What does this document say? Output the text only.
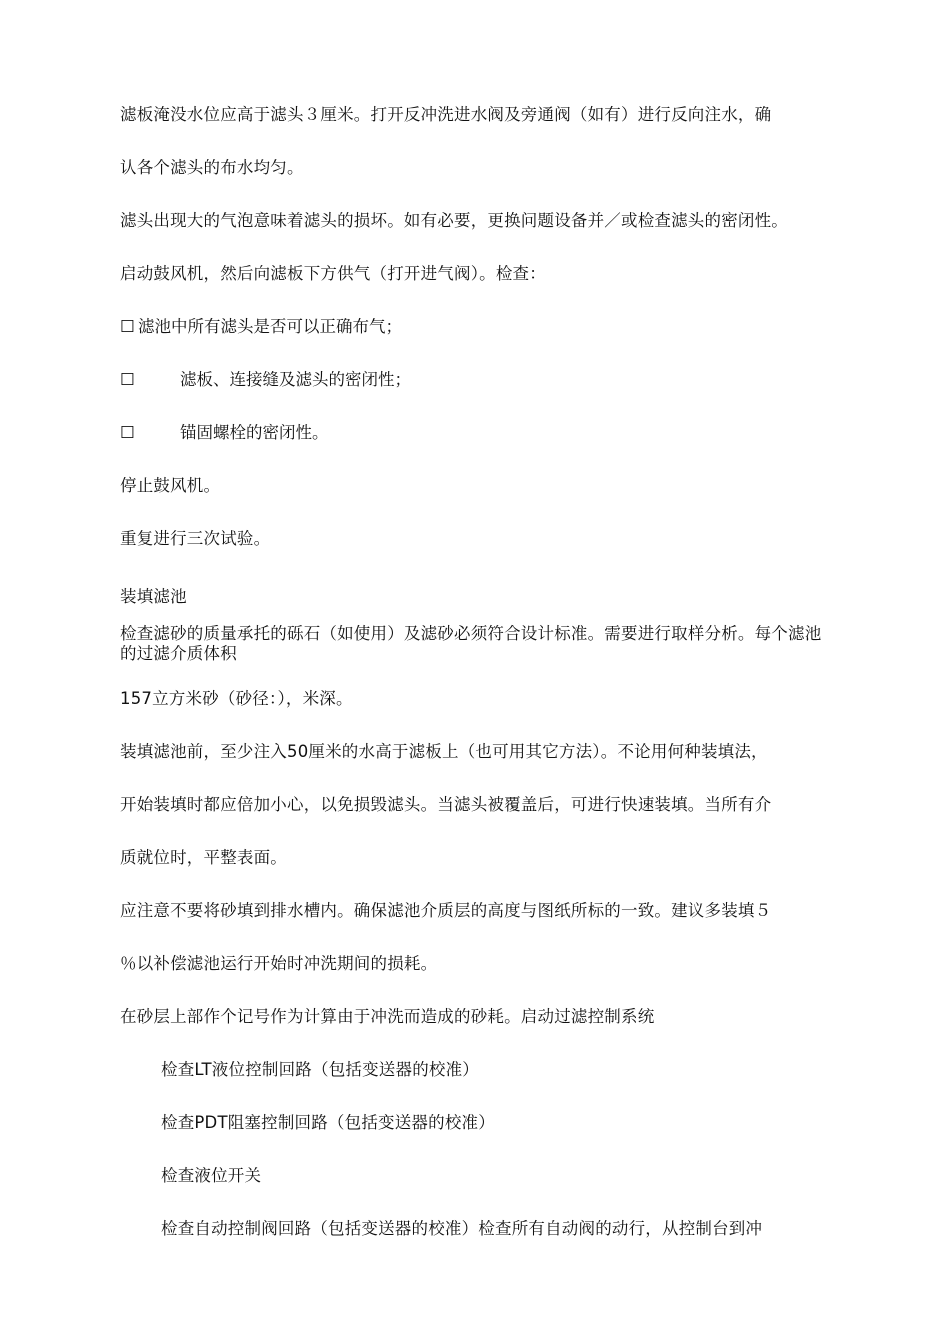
滤板淹没水位应高于滤头３厘米。打开反冲洗进水阀及旁通阀（如有）进行反向注水，确
认各个滤头的布水均匀。
滤头出现大的气泡意味着滤头的损坏。如有必要，更换问题设备并／或检查滤头的密闭性。
启动鼓风机，然后向滤板下方供气（打开进气阀）。检查：
☐ 滤池中所有滤头是否可以正确布气；
☐	滤板、连接缝及滤头的密闭性；
☐	锚固螺栓的密闭性。
停止鼓风机。
重复进行三次试验。
装填滤池
检查滤砂的质量承托的砾石（如使用）及滤砂必须符合设计标准。需要进行取样分析。每个滤池的过滤介质体积
157立方米砂（砂径：），米深。
装填滤池前，至少注入50厘米的水高于滤板上（也可用其它方法）。不论用何种装填法，
开始装填时都应倍加小心，以免损毁滤头。当滤头被覆盖后，可进行快速装填。当所有介
质就位时，平整表面。
应注意不要将砂填到排水槽内。确保滤池介质层的高度与图纸所标的一致。建议多装填５
％以补偿滤池运行开始时冲洗期间的损耗。
在砂层上部作个记号作为计算由于冲洗而造成的砂耗。启动过滤控制系统
检查LT液位控制回路（包括变送器的校准）
检查PDT阻塞控制回路（包括变送器的校准）
检查液位开关
检查自动控制阀回路（包括变送器的校准）检查所有自动阀的动行，从控制台到冲
